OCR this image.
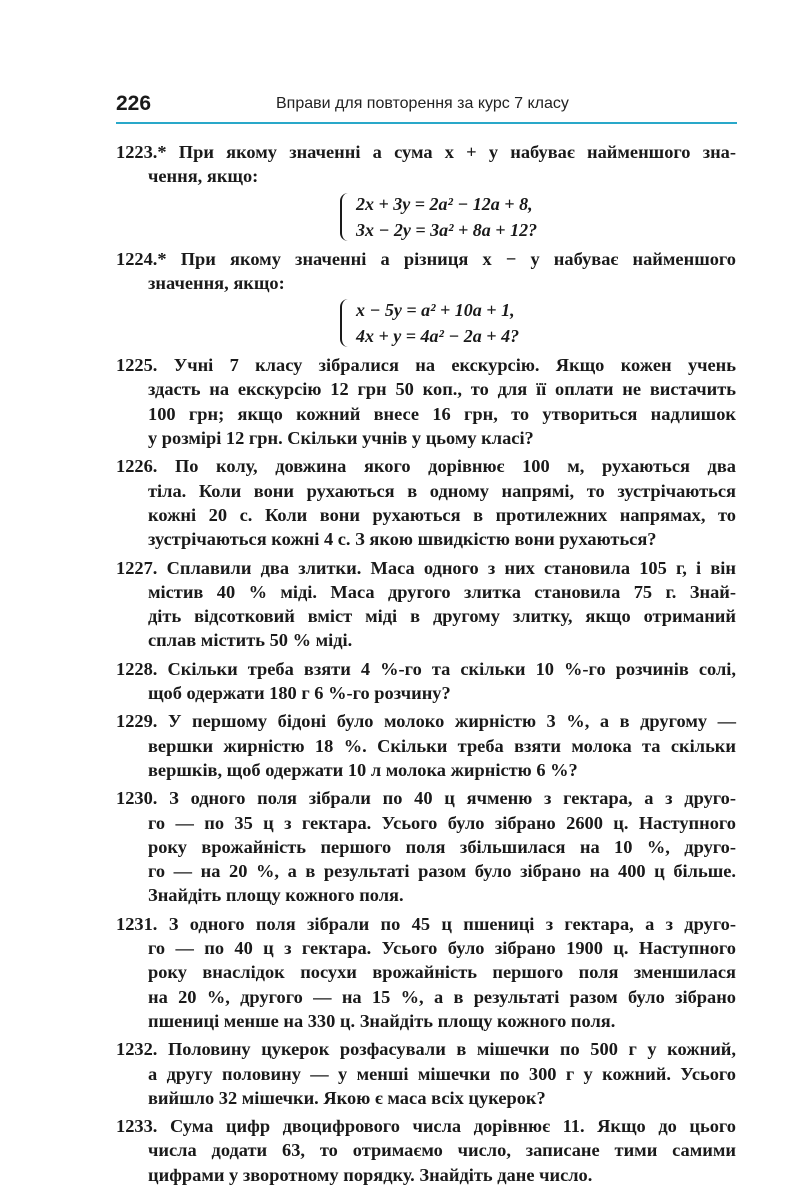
226	Вправи для повторення за курс 7 класу
1223.* При якому значенні a сума x + y набуває найменшого зна-
чення, якщо:
2x + 3y = 2a² − 12a + 8,
3x − 2y = 3a² + 8a + 12?
1224.* При якому значенні a різниця x − y набуває найменшого
значення, якщо:
x − 5y = a² + 10a + 1,
4x + y = 4a² − 2a + 4?
1225. Учні 7 класу зібралися на екскурсію. Якщо кожен учень
здасть на екскурсію 12 грн 50 коп., то для її оплати не вистачить
100 грн; якщо кожний внесе 16 грн, то утвориться надлишок
у розмірі 12 грн. Скільки учнів у цьому класі?
1226. По колу, довжина якого дорівнює 100 м, рухаються два
тіла. Коли вони рухаються в одному напрямі, то зустрічаються
кожні 20 с. Коли вони рухаються в протилежних напрямах, то
зустрічаються кожні 4 с. З якою швидкістю вони рухаються?
1227. Сплавили два злитки. Маса одного з них становила 105 г, і він
містив 40 % міді. Маса другого злитка становила 75 г. Знай-
діть відсотковий вміст міді в другому злитку, якщо отриманий
сплав містить 50 % міді.
1228. Скільки треба взяти 4 %-го та скільки 10 %-го розчинів солі,
щоб одержати 180 г 6 %-го розчину?
1229. У першому бідоні було молоко жирністю 3 %, а в другому —
вершки жирністю 18 %. Скільки треба взяти молока та скільки
вершків, щоб одержати 10 л молока жирністю 6 %?
1230. З одного поля зібрали по 40 ц ячменю з гектара, а з друго-
го — по 35 ц з гектара. Усього було зібрано 2600 ц. Наступного
року врожайність першого поля збільшилася на 10 %, друго-
го — на 20 %, а в результаті разом було зібрано на 400 ц більше.
Знайдіть площу кожного поля.
1231. З одного поля зібрали по 45 ц пшениці з гектара, а з друго-
го — по 40 ц з гектара. Усього було зібрано 1900 ц. Наступного
року внаслідок посухи врожайність першого поля зменшилася
на 20 %, другого — на 15 %, а в результаті разом було зібрано
пшениці менше на 330 ц. Знайдіть площу кожного поля.
1232. Половину цукерок розфасували в мішечки по 500 г у кожний,
а другу половину — у менші мішечки по 300 г у кожний. Усього
вийшло 32 мішечки. Якою є маса всіх цукерок?
1233. Сума цифр двоцифрового числа дорівнює 11. Якщо до цього
числа додати 63, то отримаємо число, записане тими самими
цифрами у зворотному порядку. Знайдіть дане число.
